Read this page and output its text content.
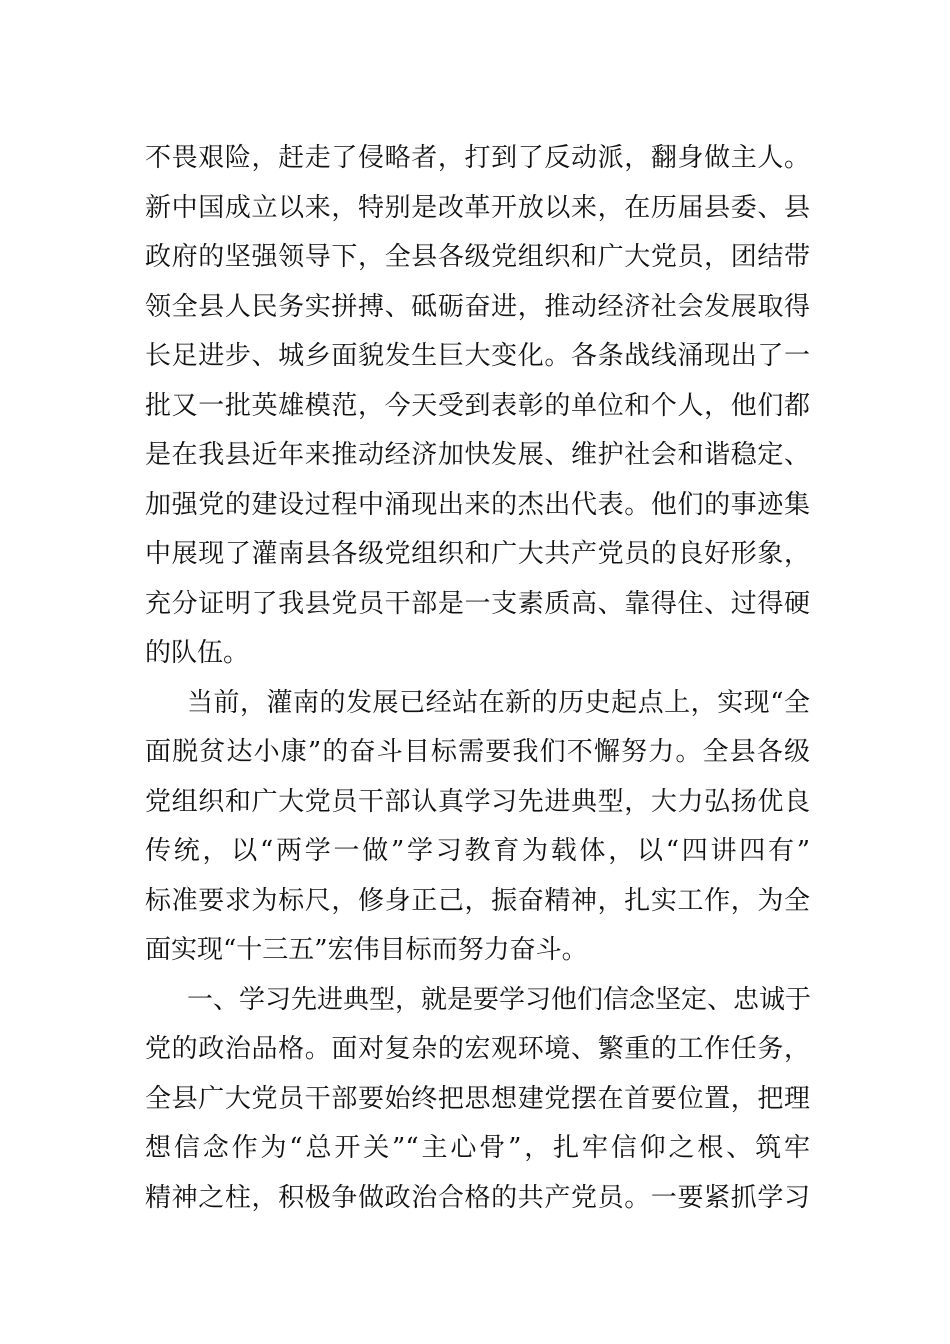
不畏艰险，赶走了侵略者，打到了反动派，翻身做主人。
新中国成立以来，特别是改革开放以来，在历届县委、县
政府的坚强领导下，全县各级党组织和广大党员，团结带
领全县人民务实拼搏、砥砺奋进，推动经济社会发展取得
长足进步、城乡面貌发生巨大变化。各条战线涌现出了一
批又一批英雄模范，今天受到表彰的单位和个人，他们都
是在我县近年来推动经济加快发展、维护社会和谐稳定、
加强党的建设过程中涌现出来的杰出代表。他们的事迹集
中展现了灌南县各级党组织和广大共产党员的良好形象，
充分证明了我县党员干部是一支素质高、靠得住、过得硬
的队伍。
当前，灌南的发展已经站在新的历史起点上，实现“全
面脱贫达小康”的奋斗目标需要我们不懈努力。全县各级
党组织和广大党员干部认真学习先进典型，大力弘扬优良
传统，以“两学一做”学习教育为载体，以“四讲四有”
标准要求为标尺，修身正己，振奋精神，扎实工作，为全
面实现“十三五”宏伟目标而努力奋斗。
一、学习先进典型，就是要学习他们信念坚定、忠诚于
党的政治品格。面对复杂的宏观环境、繁重的工作任务，
全县广大党员干部要始终把思想建党摆在首要位置，把理
想信念作为“总开关”“主心骨”，扎牢信仰之根、筑牢
精神之柱，积极争做政治合格的共产党员。一要紧抓学习
